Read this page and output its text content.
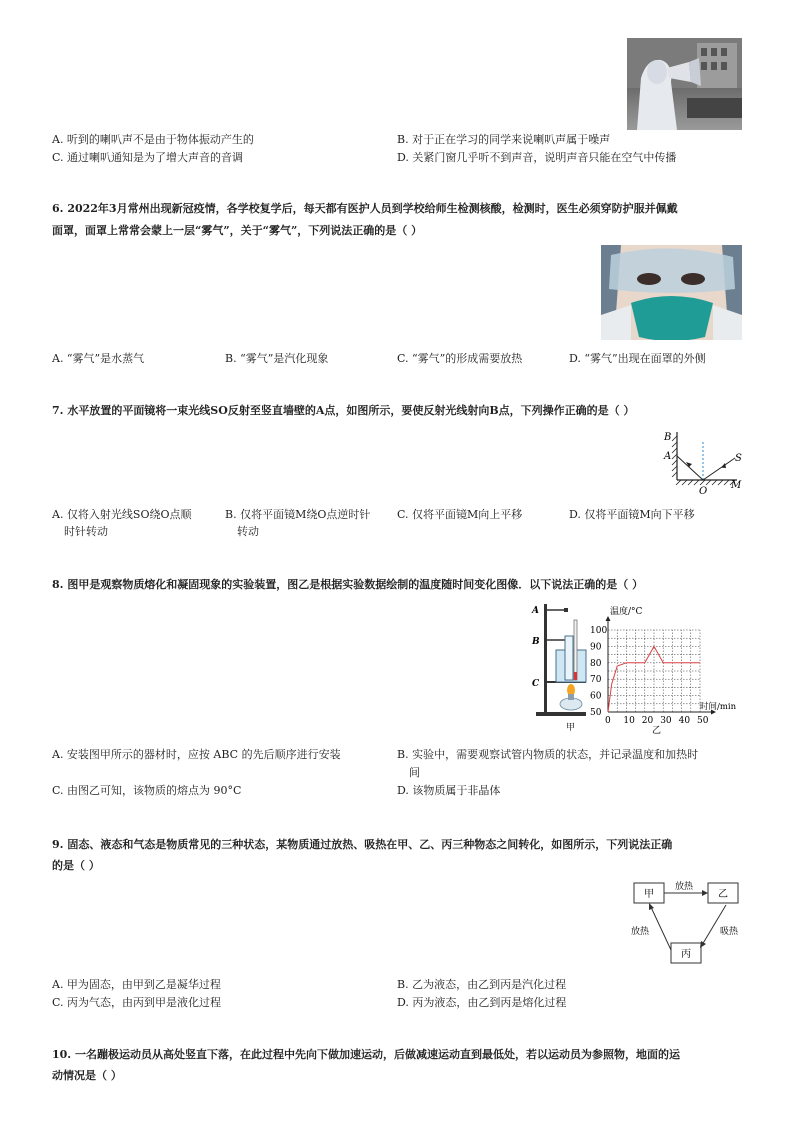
A. 听到的喇叭声不是由于物体振动产生的	B. 对于正在学习的同学来说喇叭声属于噪声
C. 通过喇叭通知是为了增大声音的音调	D. 关紧门窗几乎听不到声音，说明声音只能在空气中传播
6. 2022年3月常州出现新冠疫情，各学校复学后，每天都有医护人员到学校给师生检测核酸，检测时，医生必须穿防护服并佩戴
面罩，面罩上常常会蒙上一层“雾气”，关于“雾气”，下列说法正确的是（ ）
A. “雾气”是水蒸气	B. “雾气”是汽化现象	C. “雾气”的形成需要放热	D. “雾气”出现在面罩的外侧
7. 水平放置的平面镜将一束光线SO反射至竖直墙壁的A点，如图所示，要使反射光线射向B点，下列操作正确的是（ ）
B
A	S
O
M
A. 仅将入射光线SO绕O点顺
时针转动
B. 仅将平面镜M绕O点逆时针
转动
C. 仅将平面镜M向上平移	D. 仅将平面镜M向下平移
8. 图甲是观察物质熔化和凝固现象的实验装置，图乙是根据实验数据绘制的温度随时间变化图像．以下说法正确的是（ ）
A
B
C
甲
0 10 20 30 40 50
50
60
70
80
90
100
温度/°C
时间/min
乙
A. 安装图甲所示的器材时，应按 ABC 的先后顺序进行安装	B. 实验中，需要观察试管内物质的状态，并记录温度和加热时
间
C. 由图乙可知，该物质的熔点为 90°C	D. 该物质属于非晶体
9. 固态、液态和气态是物质常见的三种状态，某物质通过放热、吸热在甲、乙、丙三种物态之间转化，如图所示，下列说法正确
的是（ ）
甲	乙
丙
放热
放热	吸热
A. 甲为固态，由甲到乙是凝华过程	B. 乙为液态，由乙到丙是汽化过程
C. 丙为气态，由丙到甲是液化过程	D. 丙为液态，由乙到丙是熔化过程
10. 一名蹦极运动员从高处竖直下落，在此过程中先向下做加速运动，后做减速运动直到最低处，若以运动员为参照物，地面的运
动情况是（ ）
